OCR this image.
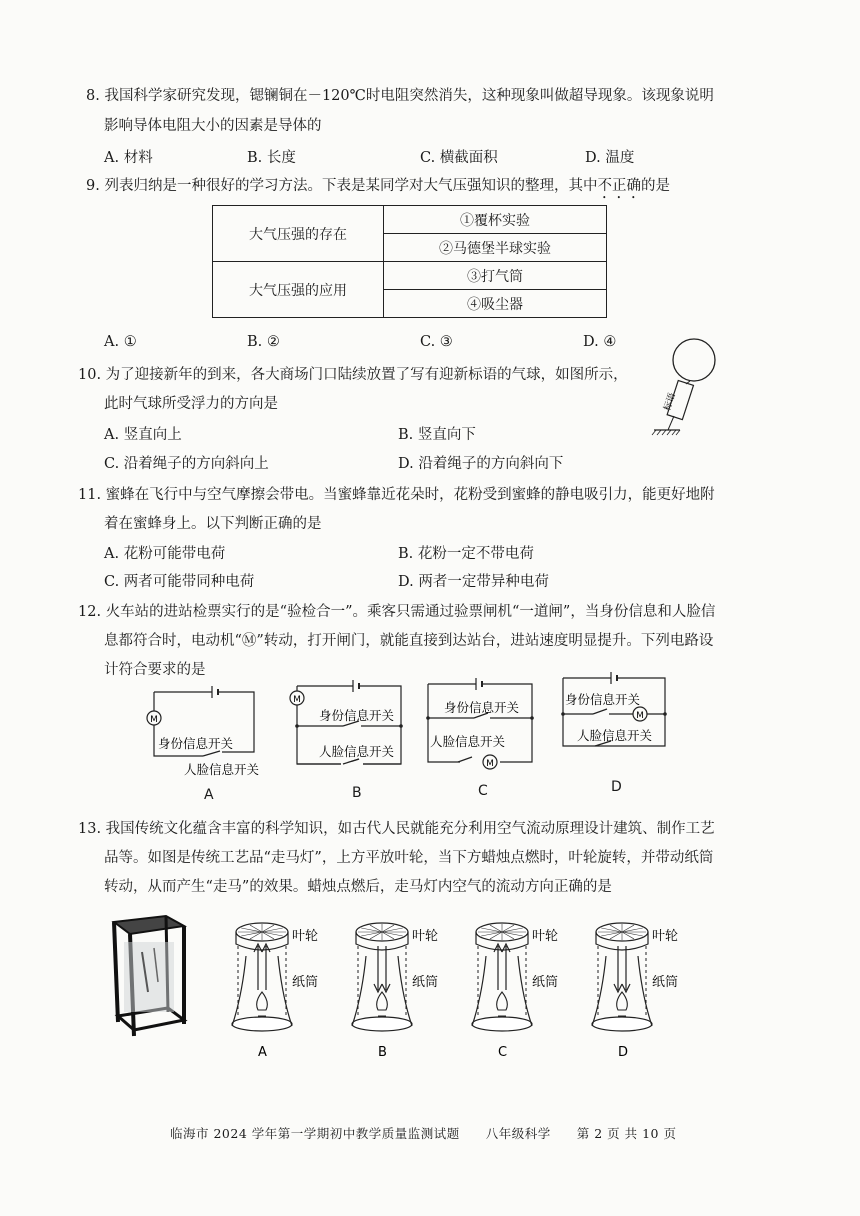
8. 我国科学家研究发现，锶镧铜在－120℃时电阻突然消失，这种现象叫做超导现象。该现象说明
影响导体电阻大小的因素是导体的
A. 材料	B. 长度	C. 横截面积	D. 温度
9. 列表归纳是一种很好的学习方法。下表是某同学对大气压强知识的整理，其中不正确的是
大气压强的存在	①覆杯实验
	②马德堡半球实验
大气压强的应用	③打气筒
	④吸尘器
A. ①	B. ②	C. ③	D. ④
10. 为了迎接新年的到来，各大商场门口陆续放置了写有迎新标语的气球，如图所示，
此时气球所受浮力的方向是	标语
A. 竖直向上	B. 竖直向下
C. 沿着绳子的方向斜向上	D. 沿着绳子的方向斜向下
11. 蜜蜂在飞行中与空气摩擦会带电。当蜜蜂靠近花朵时，花粉受到蜜蜂的静电吸引力，能更好地附
着在蜜蜂身上。以下判断正确的是
A. 花粉可能带电荷	B. 花粉一定不带电荷
C. 两者可能带同种电荷	D. 两者一定带异种电荷
12. 火车站的进站检票实行的是“验检合一”。乘客只需通过验票闸机“一道闸”，当身份信息和人脸信
息都符合时，电动机“Ⓜ”转动，打开闸门，就能直接到达站台，进站速度明显提升。下列电路设
计符合要求的是
M
身份信息开关
人脸信息开关
A
M
身份信息开关
人脸信息开关
B
M
身份信息开关
人脸信息开关
C
M
身份信息开关
人脸信息开关
D
13. 我国传统文化蕴含丰富的科学知识，如古代人民就能充分利用空气流动原理设计建筑、制作工艺
品等。如图是传统工艺品“走马灯”，上方平放叶轮，当下方蜡烛点燃时，叶轮旋转，并带动纸筒
转动，从而产生“走马”的效果。蜡烛点燃后，走马灯内空气的流动方向正确的是
叶轮
纸筒
A
叶轮
纸筒
B
叶轮
纸筒
C
叶轮
纸筒
D
临海市 2024 学年第一学期初中教学质量监测试题　　八年级科学　　第 2 页 共 10 页
